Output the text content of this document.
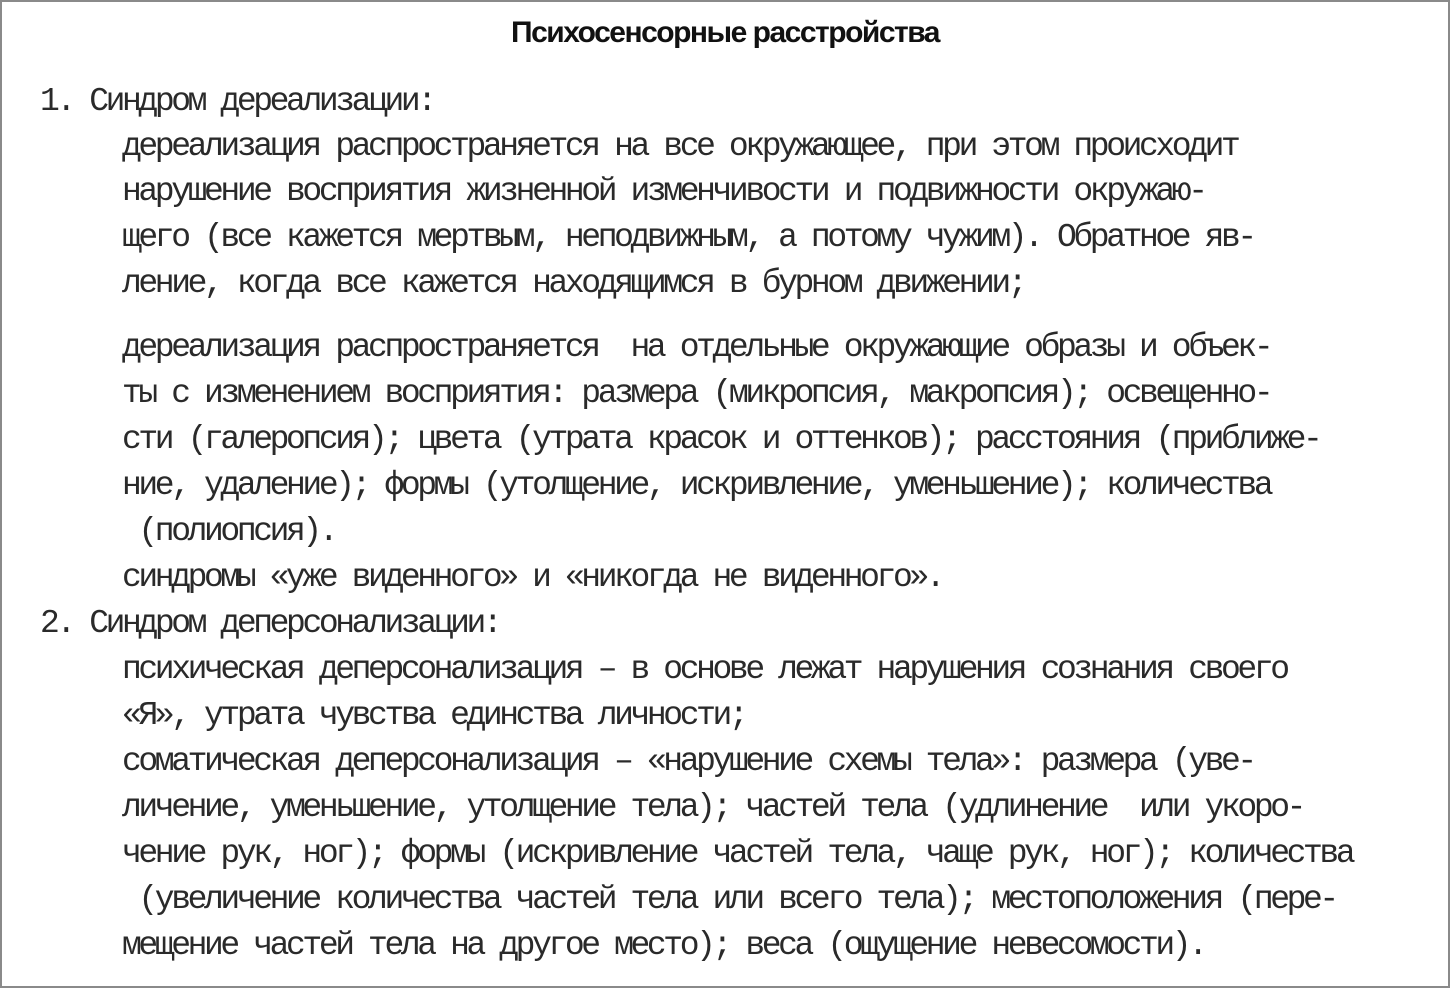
Психосенсорные расстройства

1. Синдром дереализации:

дереализация распространяется на все окружающее, при этом происходит

нарушение восприятия жизненной изменчивости и подвижности окружаю-

щего (все кажется мертвым, неподвижным, а потому чужим). Обратное яв-

ление, когда все кажется находящимся в бурном движении;

дереализация распространяется  на отдельные окружающие образы и объек-

ты с изменением восприятия: размера (микропсия, макропсия); освещенно-

сти (галеропсия); цвета (утрата красок и оттенков); расстояния (приближе-

ние, удаление); формы (утолщение, искривление, уменьшение); количества

(полиопсия).

синдромы «уже виденного» и «никогда не виденного».

2. Синдром деперсонализации:

психическая деперсонализация – в основе лежат нарушения сознания своего

«Я», утрата чувства единства личности;

соматическая деперсонализация – «нарушение схемы тела»: размера (уве-

личение, уменьшение, утолщение тела); частей тела (удлинение  или укоро-

чение рук, ног); формы (искривление частей тела, чаще рук, ног); количества

(увеличение количества частей тела или всего тела); местоположения (пере-

мещение частей тела на другое место); веса (ощущение невесомости).
